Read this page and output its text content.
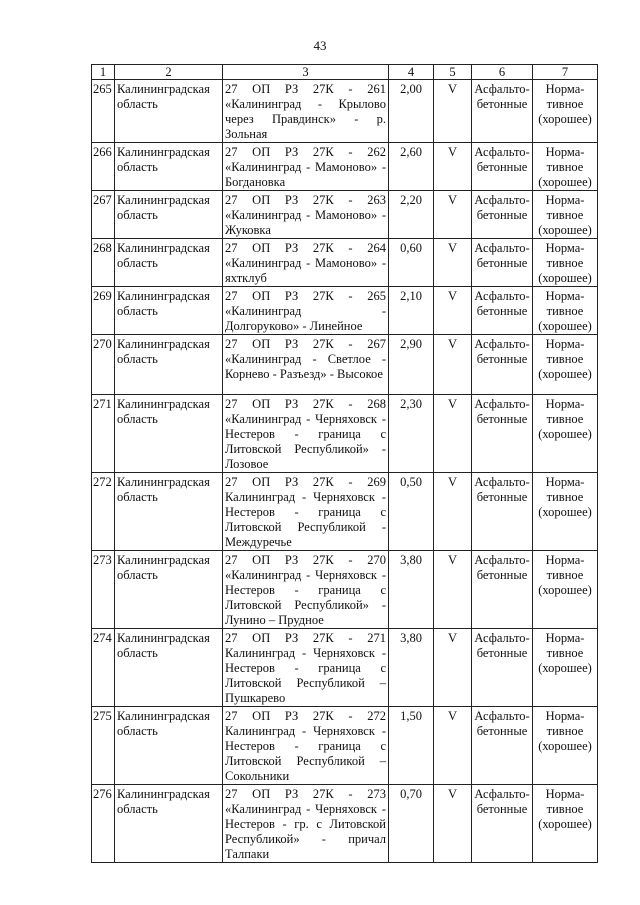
43
1	2	3	4	5	6	7
265	Калининградская область	27 ОП РЗ 27К - 261 «Калининград - Крылово через Правдинск» - р. Зольная	2,00	V	Асфальто-бетонные	Норма-тивное (хорошее)
266	Калининградская область	27 ОП РЗ 27К - 262 «Калининград - Мамоново» - Богдановка	2,60	V	Асфальто-бетонные	Норма-тивное (хорошее)
267	Калининградская область	27 ОП РЗ 27К - 263 «Калининград - Мамоново» - Жуковка	2,20	V	Асфальто-бетонные	Норма-тивное (хорошее)
268	Калининградская область	27 ОП РЗ 27К - 264 «Калининград - Мамоново» - яхтклуб	0,60	V	Асфальто-бетонные	Норма-тивное (хорошее)
269	Калининградская область	27 ОП РЗ 27К - 265 «Калининград - Долгоруково» - Линейное	2,10	V	Асфальто-бетонные	Норма-тивное (хорошее)
270	Калининградская область	27 ОП РЗ 27К - 267 «Калининград - Светлое - Корнево - Разъезд» - Высокое	2,90	V	Асфальто-бетонные	Норма-тивное (хорошее)
271	Калининградская область	27 ОП РЗ 27К - 268 «Калининград - Черняховск - Нестеров - граница с Литовской Республикой» - Лозовое	2,30	V	Асфальто-бетонные	Норма-тивное (хорошее)
272	Калининградская область	27 ОП РЗ 27К - 269 Калининград - Черняховск - Нестеров - граница с Литовской Республикой - Междуречье	0,50	V	Асфальто-бетонные	Норма-тивное (хорошее)
273	Калининградская область	27 ОП РЗ 27К - 270 «Калининград - Черняховск - Нестеров - граница с Литовской Республикой» - Лунино – Прудное	3,80	V	Асфальто-бетонные	Норма-тивное (хорошее)
274	Калининградская область	27 ОП РЗ 27К - 271 Калининград - Черняховск - Нестеров - граница с Литовской Республикой – Пушкарево	3,80	V	Асфальто-бетонные	Норма-тивное (хорошее)
275	Калининградская область	27 ОП РЗ 27К - 272 Калининград - Черняховск - Нестеров - граница с Литовской Республикой – Сокольники	1,50	V	Асфальто-бетонные	Норма-тивное (хорошее)
276	Калининградская область	27 ОП РЗ 27К - 273 «Калининград - Черняховск - Нестеров - гр. с Литовской Республикой» - причал Талпаки	0,70	V	Асфальто-бетонные	Норма-тивное (хорошее)
